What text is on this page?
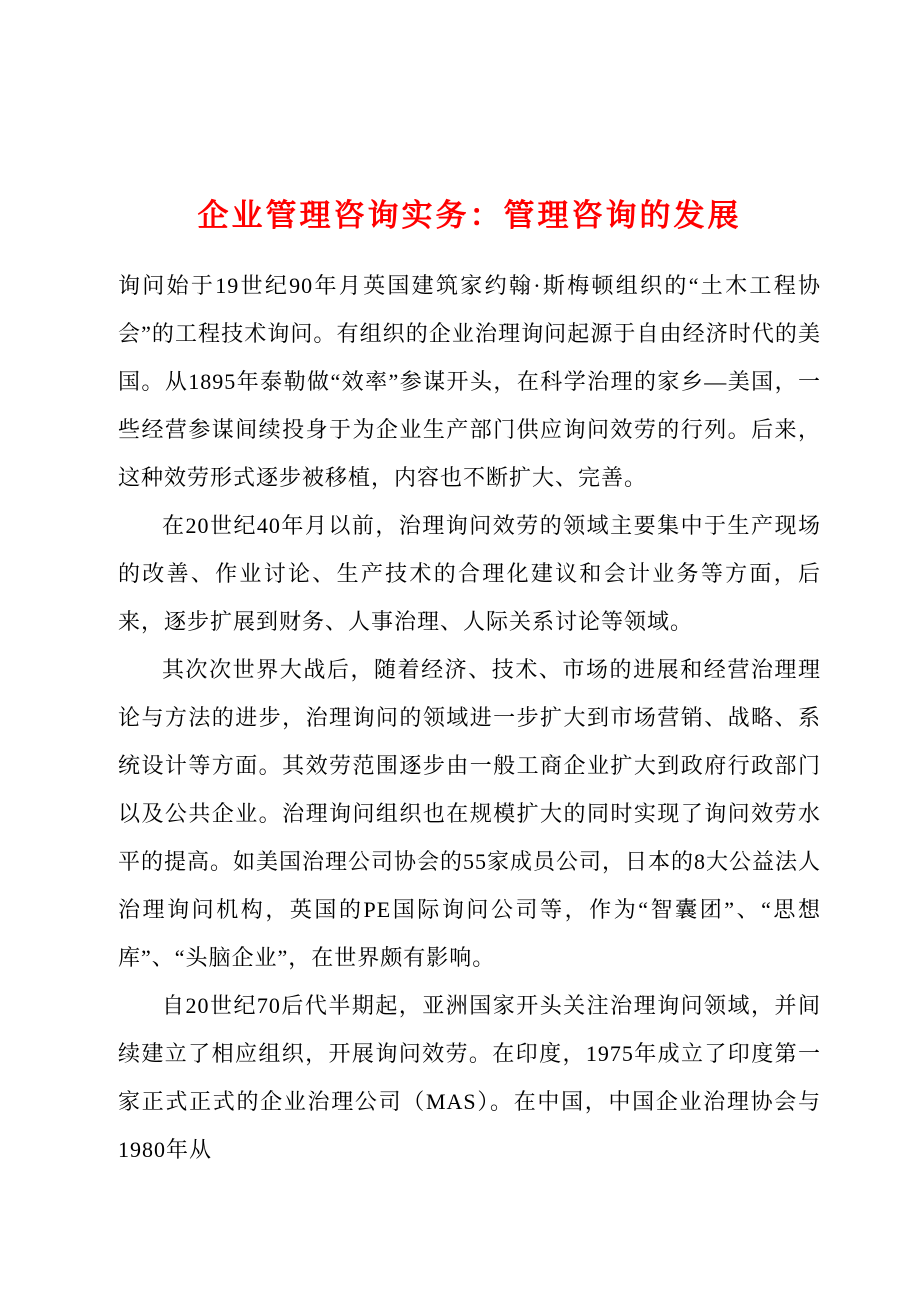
企业管理咨询实务：管理咨询的发展

询问始于19世纪90年月英国建筑家约翰·斯梅顿组织的“土木工程协会”的工程技术询问。有组织的企业治理询问起源于自由经济时代的美国。从1895年泰勒做“效率”参谋开头，在科学治理的家乡—美国，一些经营参谋间续投身于为企业生产部门供应询问效劳的行列。后来，这种效劳形式逐步被移植，内容也不断扩大、完善。

在20世纪40年月以前，治理询问效劳的领域主要集中于生产现场的改善、作业讨论、生产技术的合理化建议和会计业务等方面，后来，逐步扩展到财务、人事治理、人际关系讨论等领域。

其次次世界大战后，随着经济、技术、市场的进展和经营治理理论与方法的进步，治理询问的领域进一步扩大到市场营销、战略、系统设计等方面。其效劳范围逐步由一般工商企业扩大到政府行政部门以及公共企业。治理询问组织也在规模扩大的同时实现了询问效劳水平的提高。如美国治理公司协会的55家成员公司，日本的8大公益法人治理询问机构，英国的PE国际询问公司等，作为“智囊团”、“思想库”、“头脑企业”，在世界颇有影响。

自20世纪70后代半期起，亚洲国家开头关注治理询问领域，并间续建立了相应组织，开展询问效劳。在印度，1975年成立了印度第一家正式正式的企业治理公司（MAS）。在中国，中国企业治理协会与1980年从
